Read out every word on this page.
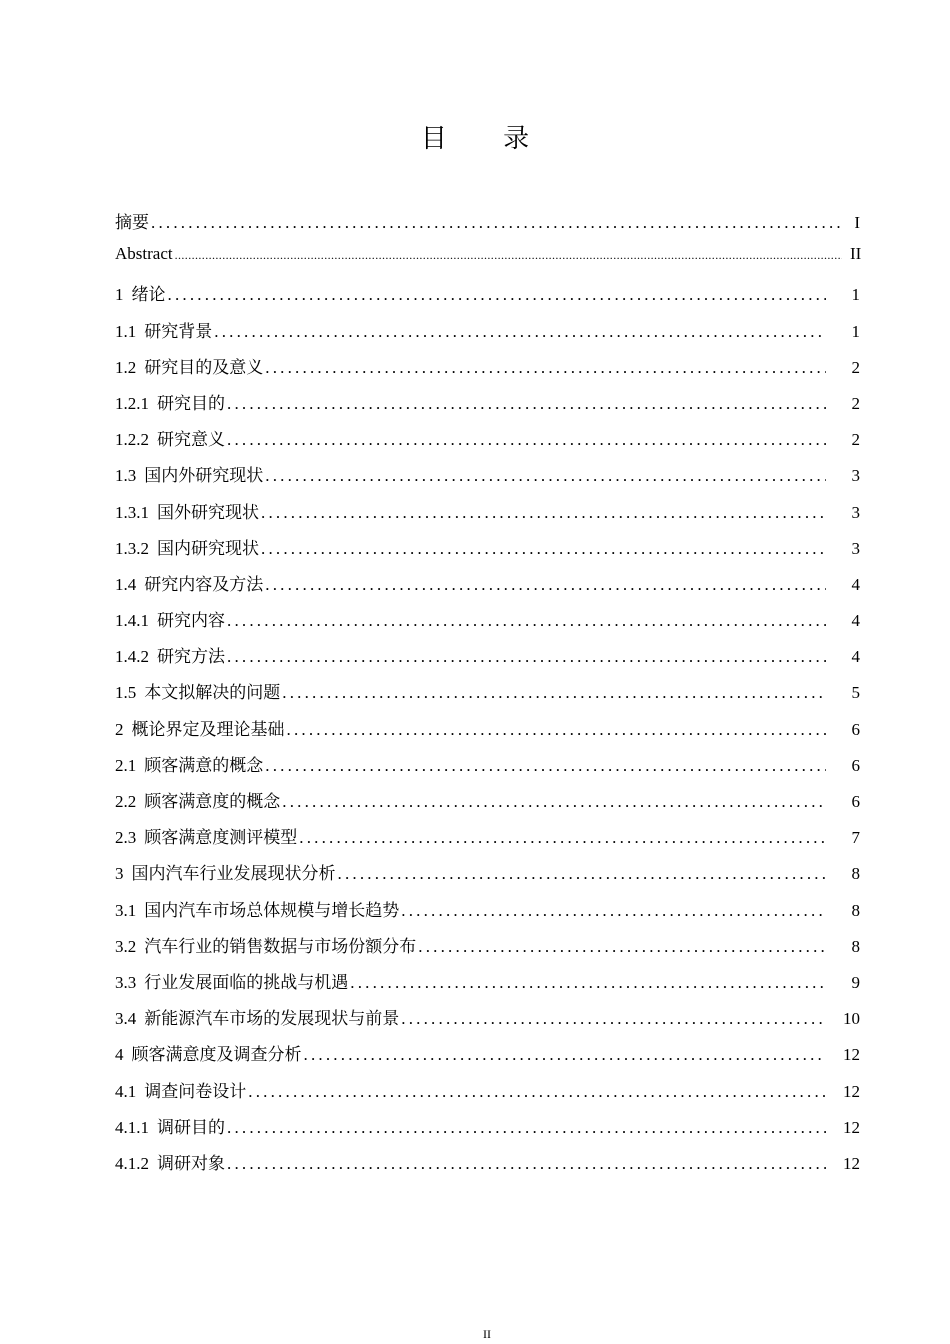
目 录
摘要 .....	I
Abstract .....	II
1 绪论 .....	1
1.1 研究背景 .....	1
1.2 研究目的及意义 .....	2
1.2.1 研究目的 .....	2
1.2.2 研究意义 .....	2
1.3 国内外研究现状 .....	3
1.3.1 国外研究现状 .....	3
1.3.2 国内研究现状 .....	3
1.4 研究内容及方法 .....	4
1.4.1 研究内容 .....	4
1.4.2 研究方法 .....	4
1.5 本文拟解决的问题 .....	5
2 概论界定及理论基础 .....	6
2.1 顾客满意的概念 .....	6
2.2 顾客满意度的概念 .....	6
2.3 顾客满意度测评模型 .....	7
3 国内汽车行业发展现状分析 .....	8
3.1 国内汽车市场总体规模与增长趋势 .....	8
3.2 汽车行业的销售数据与市场份额分布 .....	8
3.3 行业发展面临的挑战与机遇 .....	9
3.4 新能源汽车市场的发展现状与前景 .....	10
4 顾客满意度及调查分析 .....	12
4.1 调查问卷设计 .....	12
4.1.1 调研目的 .....	12
4.1.2 调研对象 .....	12
II
